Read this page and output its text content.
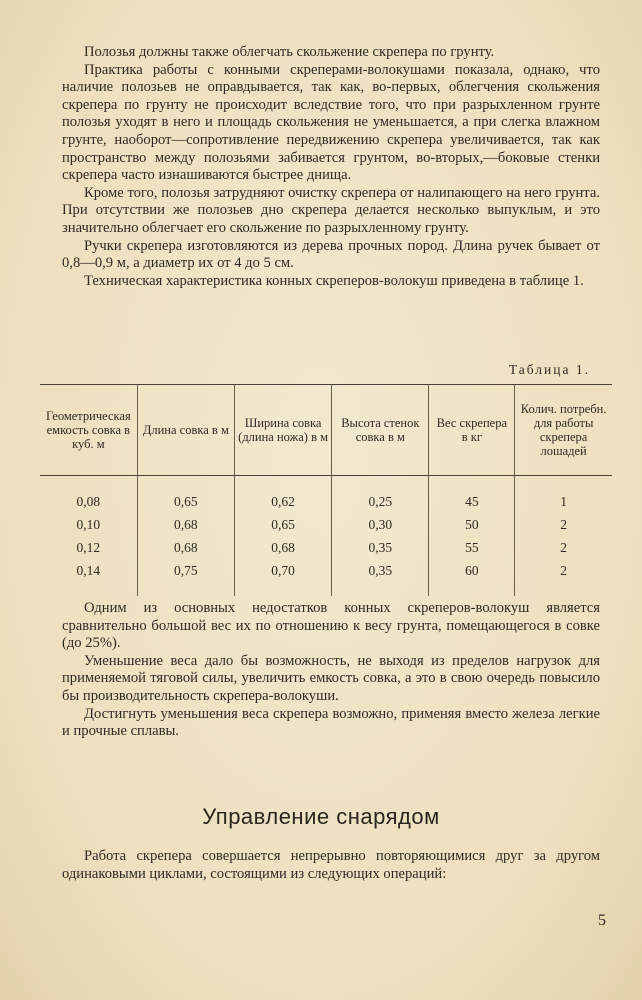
Полозья должны также облегчать скольжение скрепера по грунту.

Практика работы с конными скреперами-волокушами показала, однако, что наличие полозьев не оправдывается, так как, во-первых, облегчения скольжения скрепера по грунту не происходит вследствие того, что при разрыхленном грунте полозья уходят в него и площадь скольжения не уменьшается, а при слегка влажном грунте, наоборот—сопротивление передвижению скрепера увеличивается, так как пространство между полозьями забивается грунтом, во-вторых,—боковые стенки скрепера часто изнашиваются быстрее днища.

Кроме того, полозья затрудняют очистку скрепера от налипающего на него грунта. При отсутствии же полозьев дно скрепера делается несколько выпуклым, и это значительно облегчает его скольжение по разрыхленному грунту.

Ручки скрепера изготовляются из дерева прочных пород. Длина ручек бывает от 0,8—0,9 м, а диаметр их от 4 до 5 см.

Техническая характеристика конных скреперов-волокуш приведена в таблице 1.

Таблица 1.
Геометрическая емкость совка в куб. м	Длина совка в м	Ширина совка (длина ножа) в м	Высота стенок совка в м	Вес скрепера в кг	Колич. потребн. для работы скрепера лошадей

0,08	0,65	0,62	0,25	45	1
0,10	0,68	0,65	0,30	50	2
0,12	0,68	0,68	0,35	55	2
0,14	0,75	0,70	0,35	60	2

Одним из основных недостатков конных скреперов-волокуш является сравнительно большой вес их по отношению к весу грунта, помещающегося в совке (до 25%).

Уменьшение веса дало бы возможность, не выходя из пределов нагрузок для применяемой тяговой силы, увеличить емкость совка, а это в свою очередь повысило бы производительность скрепера-волокуши.

Достигнуть уменьшения веса скрепера возможно, применяя вместо железа легкие и прочные сплавы.

Управление снарядом

Работа скрепера совершается непрерывно повторяющимися друг за другом одинаковыми циклами, состоящими из следующих операций:

5
